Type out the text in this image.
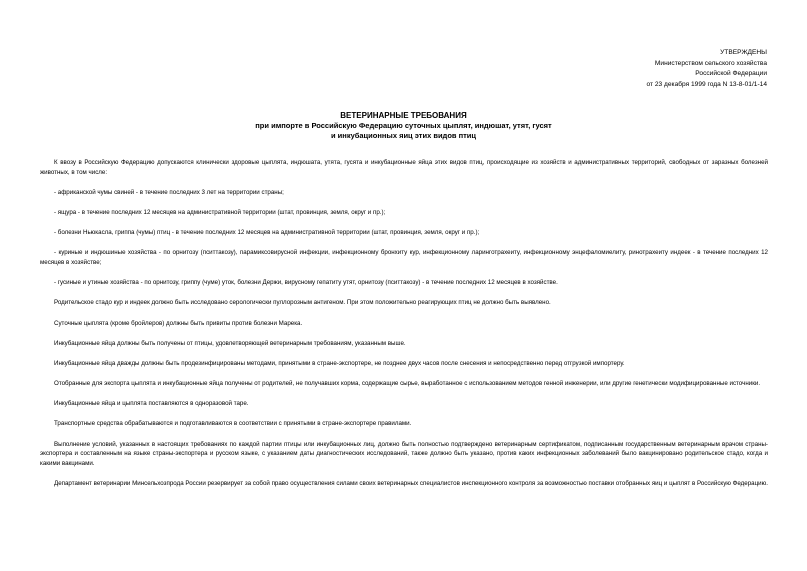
УТВЕРЖДЕНЫ
Министерством сельского хозяйства
Российской Федерации
от 23 декабря 1999 года N 13-8-01/1-14
ВЕТЕРИНАРНЫЕ ТРЕБОВАНИЯ
при импорте в Российскую Федерацию суточных цыплят, индюшат, утят, гусят
и инкубационных яиц этих видов птиц

К ввозу в Российскую Федерацию допускаются клинически здоровые цыплята, индюшата, утята, гусята и инкубационные яйца этих видов птиц, происходящие из хозяйств и административных территорий, свободных от заразных болезней животных, в том числе:

- африканской чумы свиней - в течение последних 3 лет на территории страны;

- ящура - в течение последних 12 месяцев на административной территории (штат, провинция, земля, округ и пр.);

- болезни Ньюкасла, гриппа (чумы) птиц - в течение последних 12 месяцев на административной территории (штат, провинция, земля, округ и пр.);

- куриные и индюшиные хозяйства - по орнитозу (пситтакозу), парамиксовирусной инфекции, инфекционному бронхиту кур, инфекционному ларинготрахеиту, инфекционному энцефаломиелиту, ринотрахеиту индеек - в течение последних 12 месяцев в хозяйстве;

- гусиные и утиные хозяйства - по орнитозу, гриппу (чуме) уток, болезни Держи, вирусному гепатиту утят, орнитозу (пситтакозу) - в течение последних 12 месяцев в хозяйстве.

Родительское стадо кур и индеек должно быть исследовано серологически пуллорозным антигеном. При этом положительно реагирующих птиц не должно быть выявлено.

Суточные цыплята (кроме бройлеров) должны быть привиты против болезни Марека.

Инкубационные яйца должны быть получены от птицы, удовлетворяющей ветеринарным требованиям, указанным выше.

Инкубационные яйца дважды должны быть продезинфицированы методами, принятыми в стране-экспортере, не позднее двух часов после снесения и непосредственно перед отгрузкой импортеру.

Отобранные для экспорта цыплята и инкубационные яйца получены от родителей, не получавших корма, содержащие сырье, выработанное с использованием методов генной инженерии, или другие генетически модифицированные источники.

Инкубационные яйца и цыплята поставляются в одноразовой таре.

Транспортные средства обрабатываются и подготавливаются в соответствии с принятыми в стране-экспортере правилами.

Выполнение условий, указанных в настоящих требованиях по каждой партии птицы или инкубационных лиц, должно быть полностью подтверждено ветеринарным сертификатом, подписанным государственным ветеринарным врачом страны-экспортера и составленным на языке страны-экспортера и русском языке, с указанием даты диагностических исследований, также должно быть указано, против каких инфекционных заболеваний было вакцинировано родительское стадо, когда и какими вакцинами.

Департамент ветеринарии Минсельхозпрода России резервирует за собой право осуществления силами своих ветеринарных специалистов инспекционного контроля за возможностью поставки отобранных яиц и цыплят в Российскую Федерацию.
